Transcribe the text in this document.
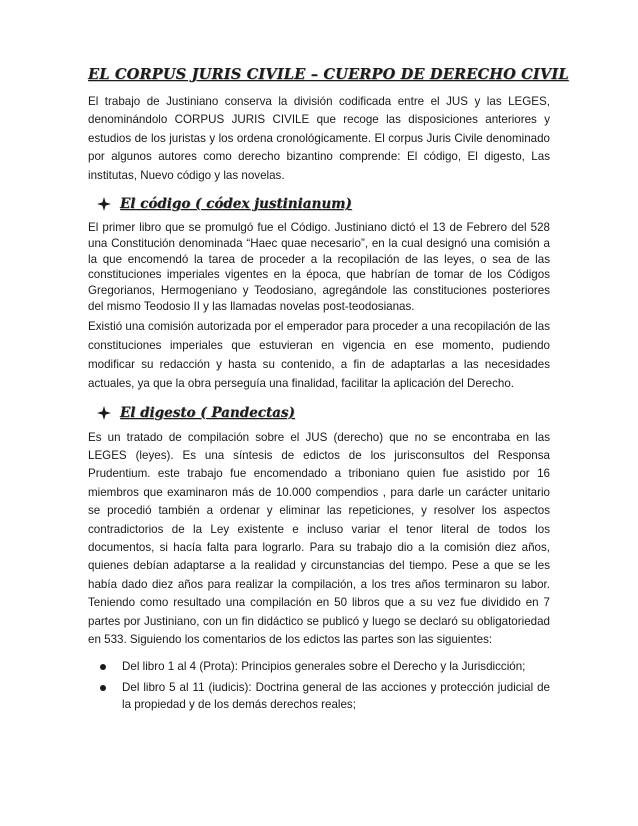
EL CORPUS JURIS CIVILE – CUERPO DE DERECHO CIVIL

El trabajo de Justiniano conserva la división codificada entre el JUS y las LEGES, denominándolo CORPUS JURIS CIVILE que recoge las disposiciones anteriores y estudios de los juristas y los ordena cronológicamente. El corpus Juris Civile denominado por algunos autores como derecho bizantino comprende: El código, El digesto, Las institutas, Nuevo código y las novelas.

El código ( códex justinianum)

El primer libro que se promulgó fue el Código. Justiniano dictó el 13 de Febrero del 528 una Constitución denominada “Haec quae necesario”, en la cual designó una comisión a la que encomendó la tarea de proceder a la recopilación de las leyes, o sea de las constituciones imperiales vigentes en la época, que habrían de tomar de los Códigos Gregorianos, Hermogeniano y Teodosiano, agregándole las constituciones posteriores del mismo Teodosio II y las llamadas novelas post-teodosianas.

Existió una comisión autorizada por el emperador para proceder a una recopilación de las constituciones imperiales que estuvieran en vigencia en ese momento, pudiendo modificar su redacción y hasta su contenido, a fin de adaptarlas a las necesidades actuales, ya que la obra perseguía una finalidad, facilitar la aplicación del Derecho.

El digesto ( Pandectas)

Es un tratado de compilación sobre el JUS (derecho) que no se encontraba en las LEGES (leyes). Es una síntesis de edictos de los jurisconsultos del Responsa Prudentium. este trabajo fue encomendado a triboniano quien fue asistido por 16 miembros que examinaron más de 10.000 compendios , para darle un carácter unitario se procedió también a ordenar y eliminar las repeticiones, y resolver los aspectos contradictorios de la Ley existente e incluso variar el tenor literal de todos los documentos, si hacía falta para lograrlo. Para su trabajo dio a la comisión diez años, quienes debían adaptarse a la realidad y circunstancias del tiempo. Pese a que se les había dado diez años para realizar la compilación, a los tres años terminaron su labor. Teniendo como resultado una compilación en 50 libros que a su vez fue dividido en 7 partes por Justiniano, con un fin didáctico se publicó y luego se declaró su obligatoriedad en 533. Siguiendo los comentarios de los edictos las partes son las siguientes:

Del libro 1 al 4 (Prota): Principios generales sobre el Derecho y la Jurisdicción;
Del libro 5 al 11 (iudicis): Doctrina general de las acciones y protección judicial de la propiedad y de los demás derechos reales;
